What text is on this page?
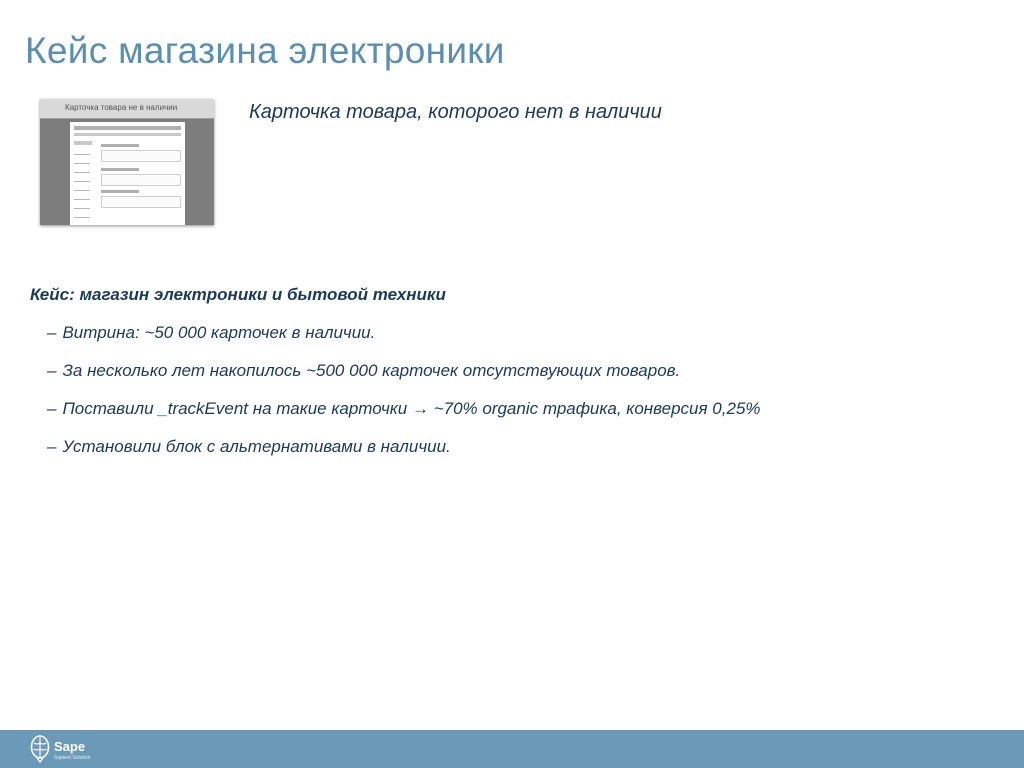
Кейс магазина электроники
Карточка товара не в наличии	Карточка товара, которого нет в наличии

Кейс: магазин электроники и бытовой техники
– Витрина: ~50 000 карточек в наличии.
– За несколько лет накопилось ~500 000 карточек отсутствующих товаров.
– Поставили _trackEvent на такие карточки → ~70% organic трафика, конверсия 0,25%
– Установили блок с альтернативами в наличии.
Sape
Sapient Solution
